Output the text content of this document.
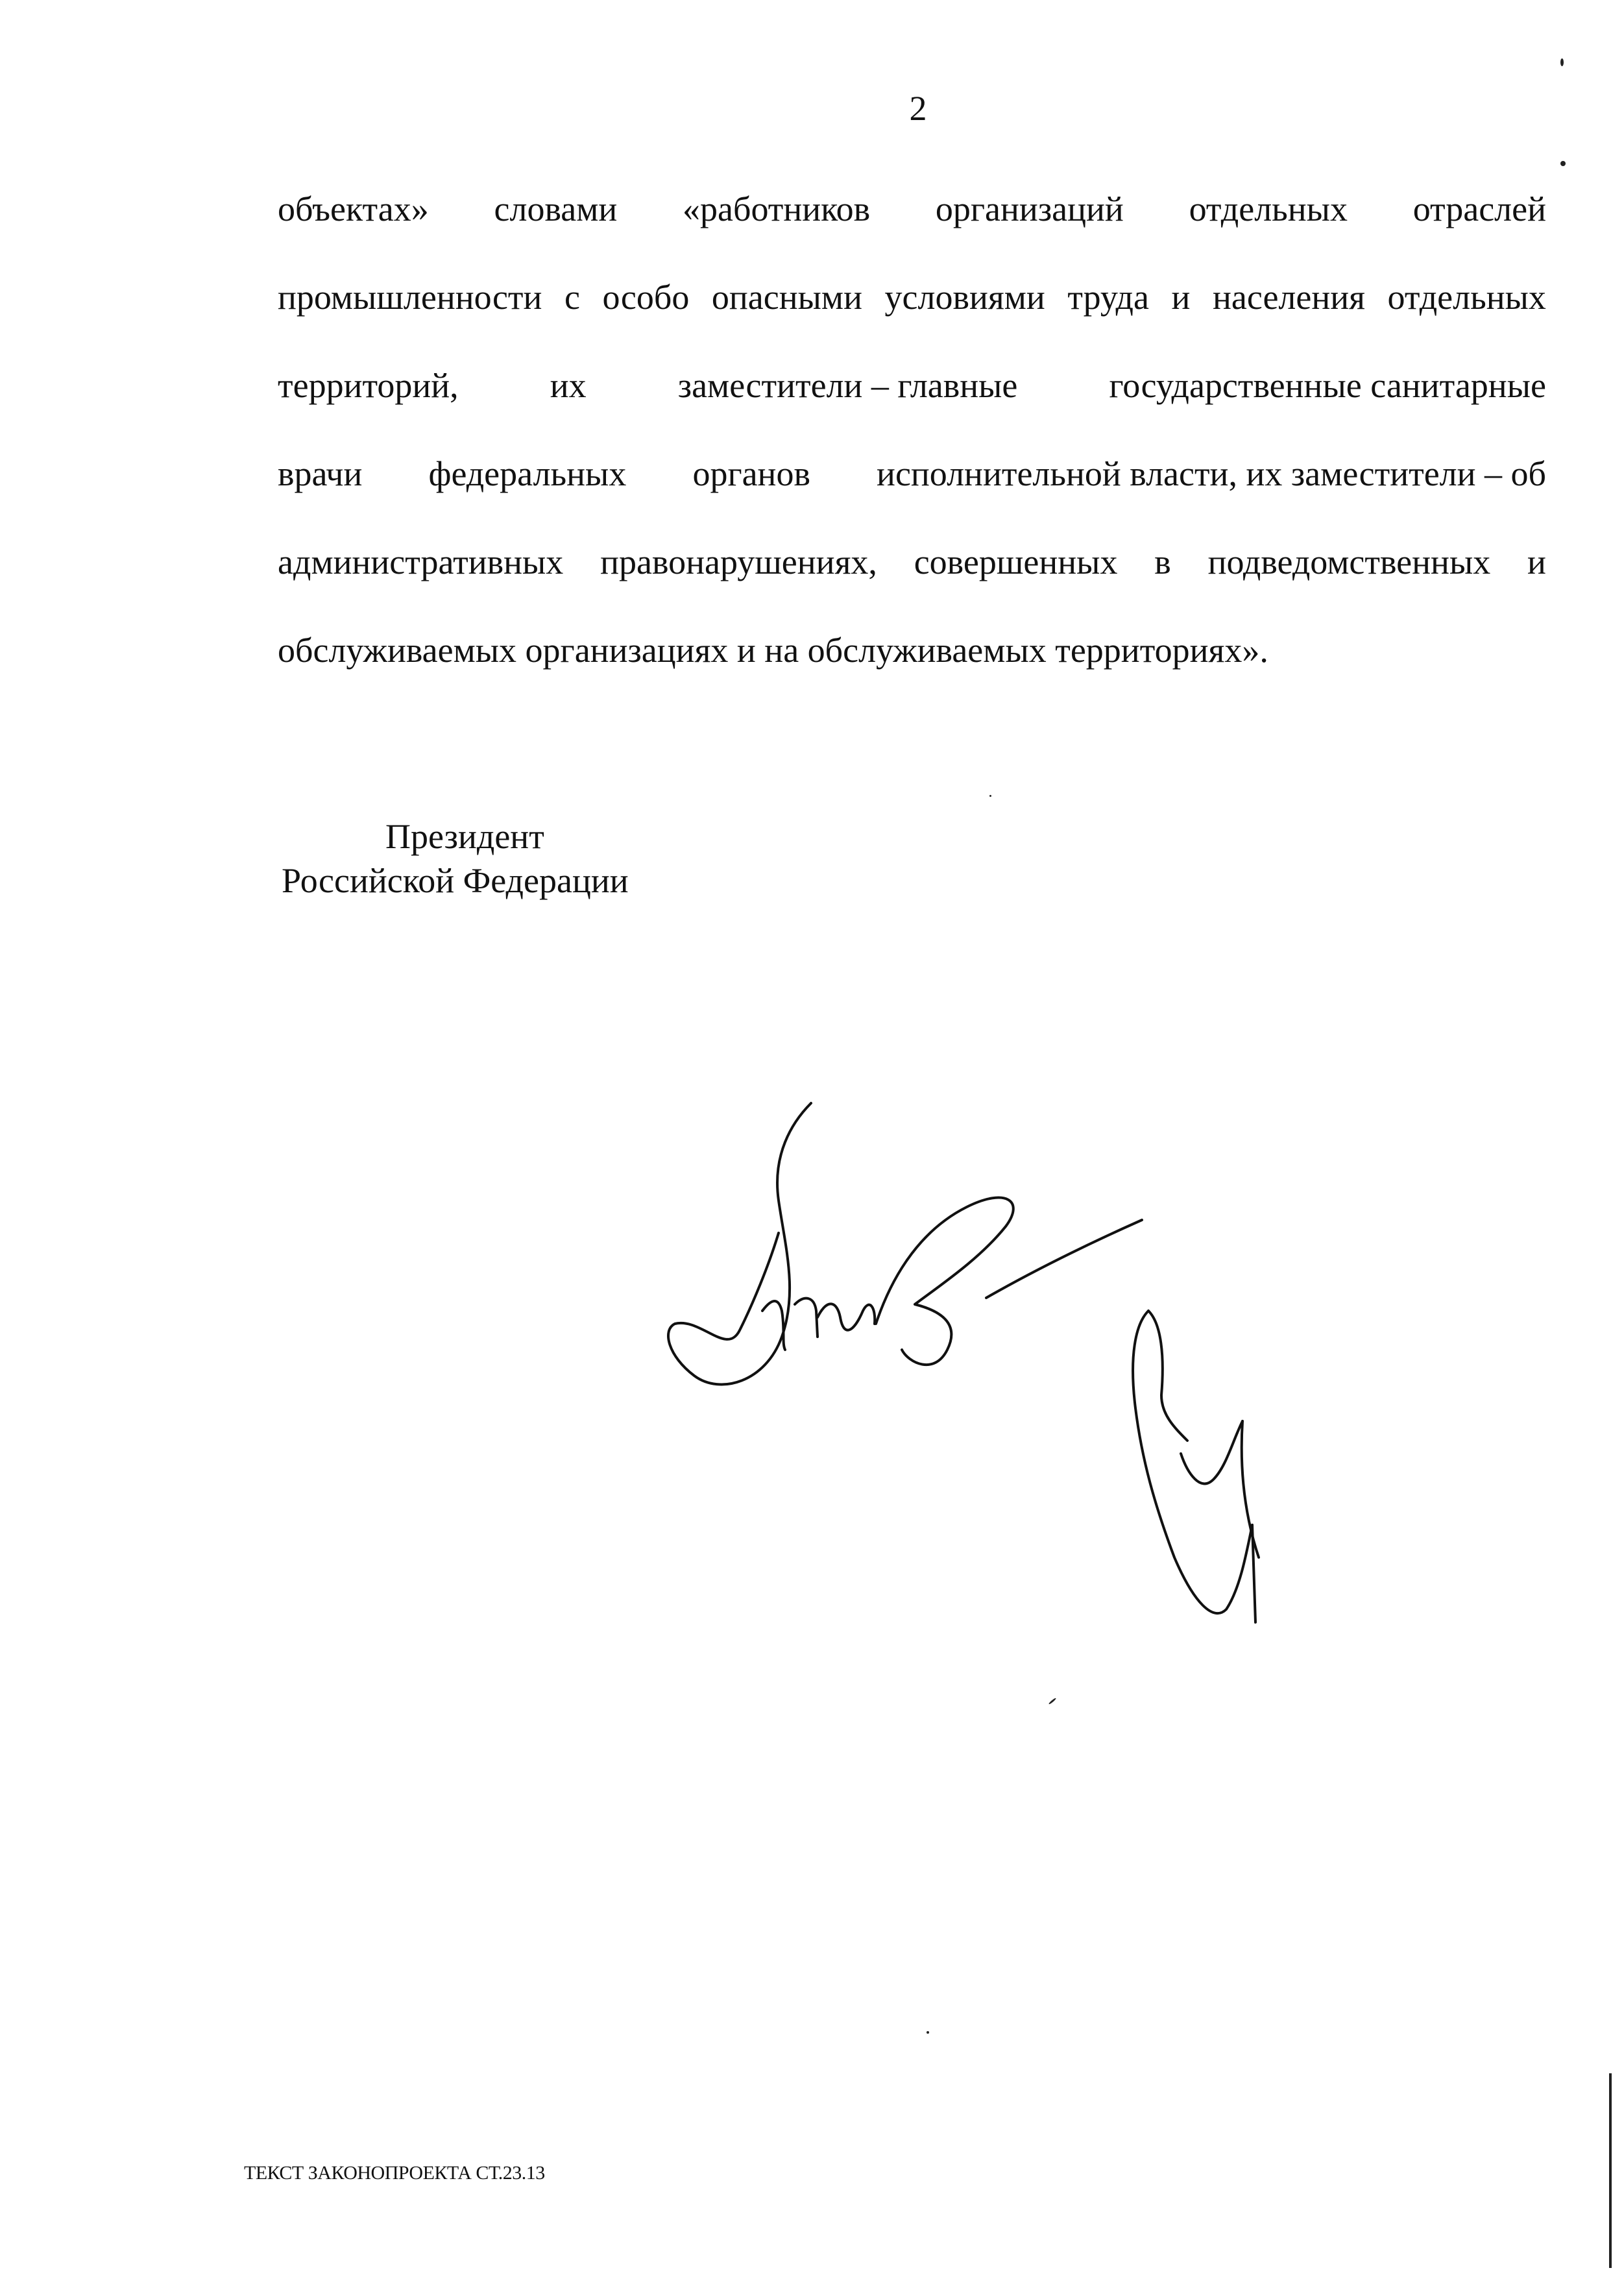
2
объектах» словами «работников организаций отдельных отраслей
промышленности с особо опасными условиями труда и населения отдельных
территорий,	их	заместители – главные	государственные санитарные
врачи федеральных органов исполнительной власти, их заместители – об
административных правонарушениях, совершенных в подведомственных и
обслуживаемых организациях и на обслуживаемых территориях».
Президент
Российской Федерации
ТЕКСТ ЗАКОНОПРОЕКТА СТ.23.13
